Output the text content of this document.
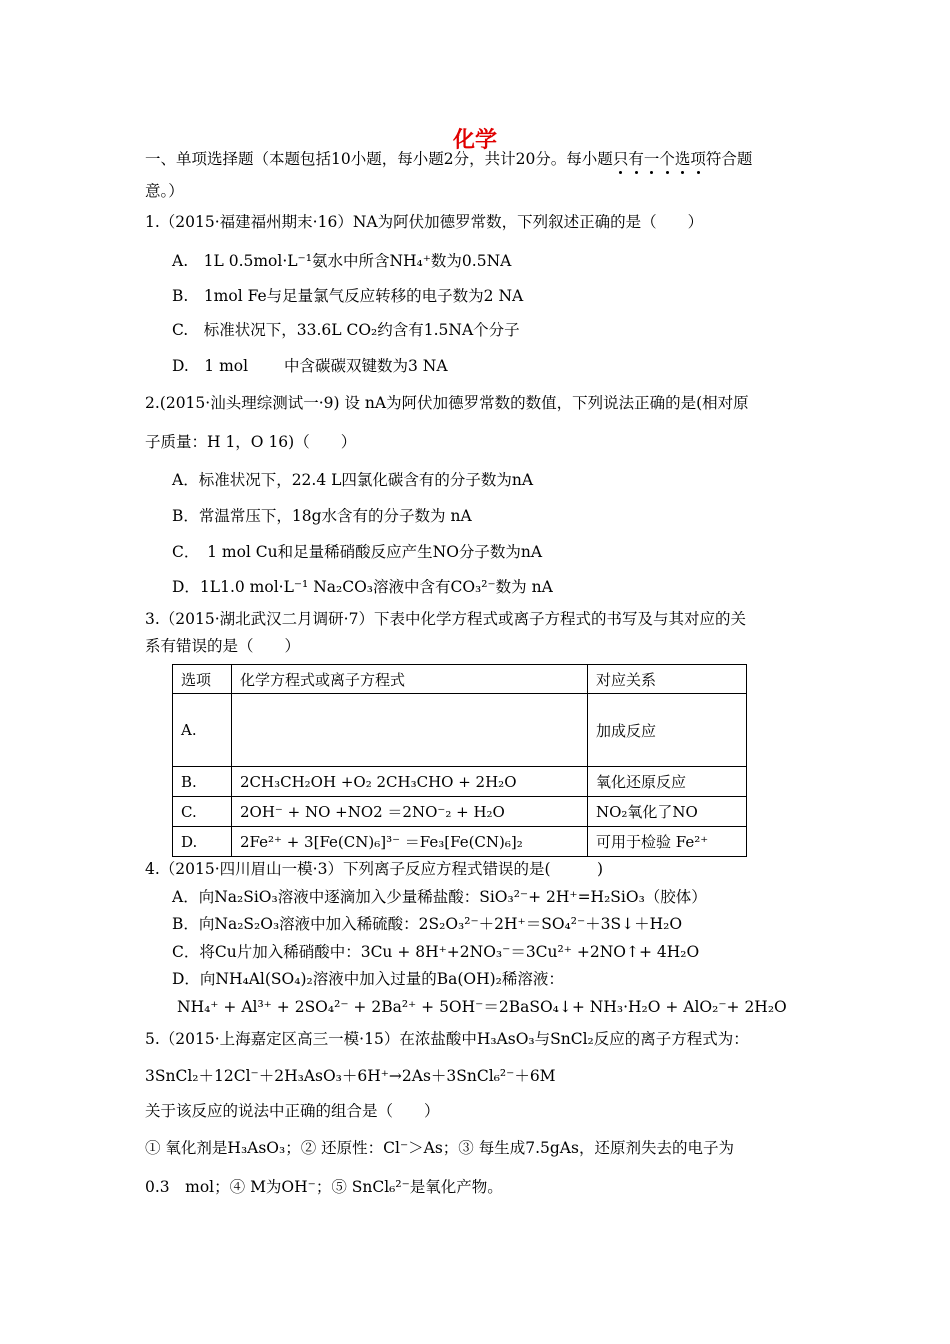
化学
一、单项选择题（本题包括10小题，每小题2分，共计20分。每小题只有一个选项符合题
意。）
1.（2015·福建福州期末·16）NA为阿伏加德罗常数，下列叙述正确的是（　　）
A.　1L 0.5mol·L⁻¹氨水中所含NH₄⁺数为0.5NA
B.　1mol Fe与足量氯气反应转移的电子数为2 NA
C.　标准状况下，33.6L CO₂约含有1.5NA个分子
D.　1 mol　　 中含碳碳双键数为3 NA
2.(2015·汕头理综测试一·9) 设 nA为阿伏加德罗常数的数值，下列说法正确的是(相对原
子质量：H 1，O 16)（　　）
A．标准状况下，22.4 L四氯化碳含有的分子数为nA
B．常温常压下，18g水含有的分子数为 nA
C．　1 mol Cu和足量稀硝酸反应产生NO分子数为nA
D．1L1.0 mol·L⁻¹ Na₂CO₃溶液中含有CO₃²⁻数为 nA
3.（2015·湖北武汉二月调研·7）下表中化学方程式或离子方程式的书写及与其对应的关
系有错误的是（　　）
选项	化学方程式或离子方程式	对应关系
A.		加成反应
B.	2CH₃CH₂OH +O₂ 2CH₃CHO + 2H₂O	氧化还原反应
C.	2OH⁻ + NO +NO2 ＝2NO⁻₂ + H₂O	NO₂氧化了NO
D.	2Fe²⁺ + 3[Fe(CN)₆]³⁻ ＝Fe₃[Fe(CN)₆]₂	可用于检验 Fe²⁺
4.（2015·四川眉山一模·3）下列离子反应方程式错误的是(　　　)
A．向Na₂SiO₃溶液中逐滴加入少量稀盐酸：SiO₃²⁻+ 2H⁺=H₂SiO₃（胶体）
B．向Na₂S₂O₃溶液中加入稀硫酸：2S₂O₃²⁻＋2H⁺＝SO₄²⁻＋3S↓＋H₂O
C．将Cu片加入稀硝酸中：3Cu + 8H⁺+2NO₃⁻＝3Cu²⁺ +2NO↑+ 4H₂O
D．向NH₄Al(SO₄)₂溶液中加入过量的Ba(OH)₂稀溶液：
NH₄⁺ + Al³⁺ + 2SO₄²⁻ + 2Ba²⁺ + 5OH⁻＝2BaSO₄↓+ NH₃·H₂O + AlO₂⁻+ 2H₂O
5.（2015·上海嘉定区高三一模·15）在浓盐酸中H₃AsO₃与SnCl₂反应的离子方程式为：
3SnCl₂＋12Cl⁻＋2H₃AsO₃＋6H⁺→2As＋3SnCl₆²⁻＋6M
关于该反应的说法中正确的组合是（　　）
① 氧化剂是H₃AsO₃；② 还原性：Cl⁻＞As；③ 每生成7.5gAs，还原剂失去的电子为
0.3　mol；④ M为OH⁻；⑤ SnCl₆²⁻是氧化产物。
